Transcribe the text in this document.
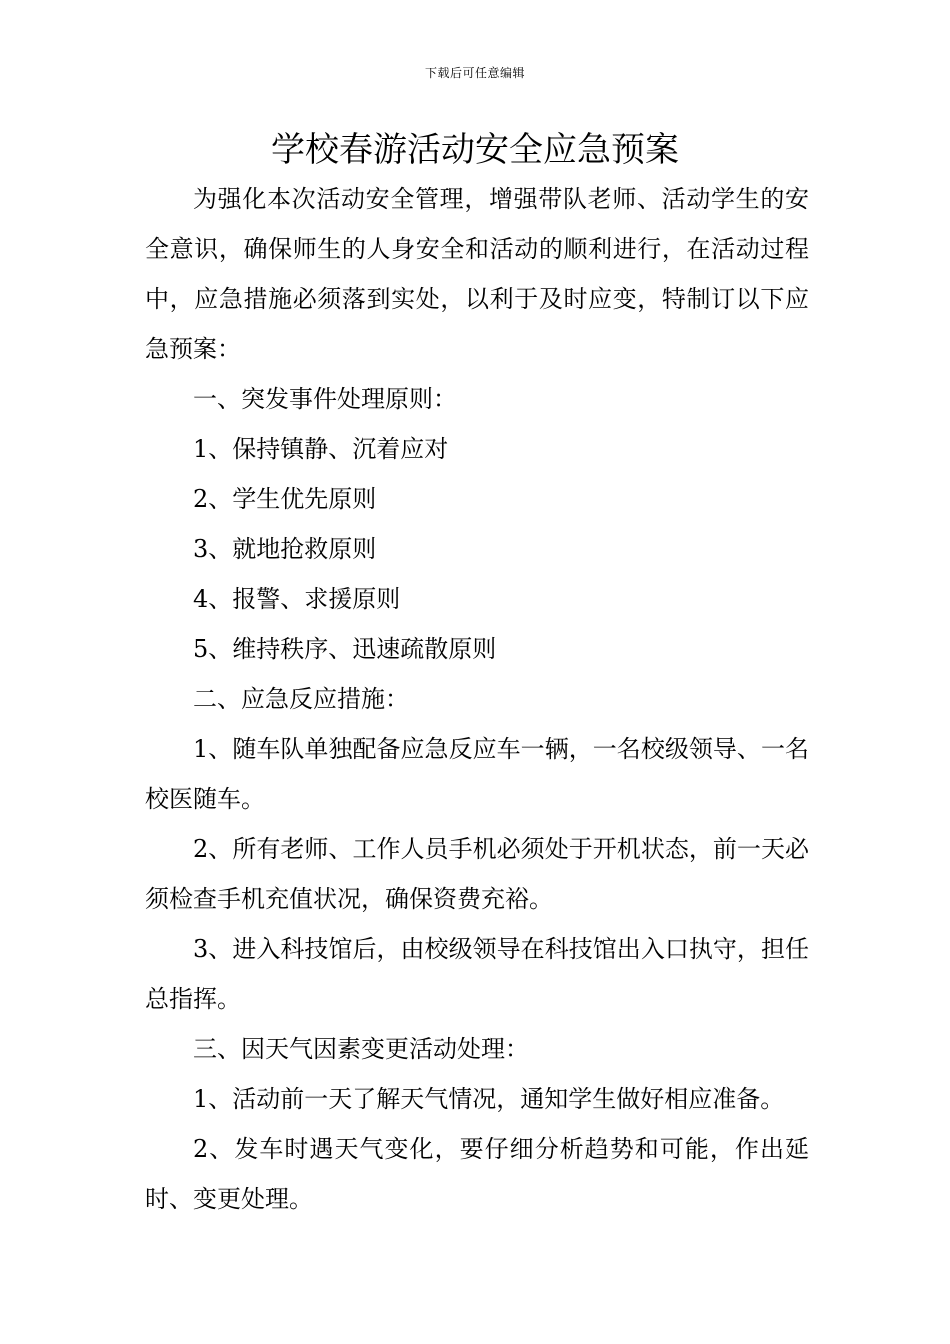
下载后可任意编辑
学校春游活动安全应急预案

为强化本次活动安全管理，增强带队老师、活动学生的安全意识，确保师生的人身安全和活动的顺利进行，在活动过程中，应急措施必须落到实处，以利于及时应变，特制订以下应急预案：

一、突发事件处理原则：

1、保持镇静、沉着应对

2、学生优先原则

3、就地抢救原则

4、报警、求援原则

5、维持秩序、迅速疏散原则

二、应急反应措施：

1、随车队单独配备应急反应车一辆，一名校级领导、一名校医随车。

2、所有老师、工作人员手机必须处于开机状态，前一天必须检查手机充值状况，确保资费充裕。

3、进入科技馆后，由校级领导在科技馆出入口执守，担任总指挥。

三、因天气因素变更活动处理：

1、活动前一天了解天气情况，通知学生做好相应准备。

2、发车时遇天气变化，要仔细分析趋势和可能，作出延时、变更处理。
